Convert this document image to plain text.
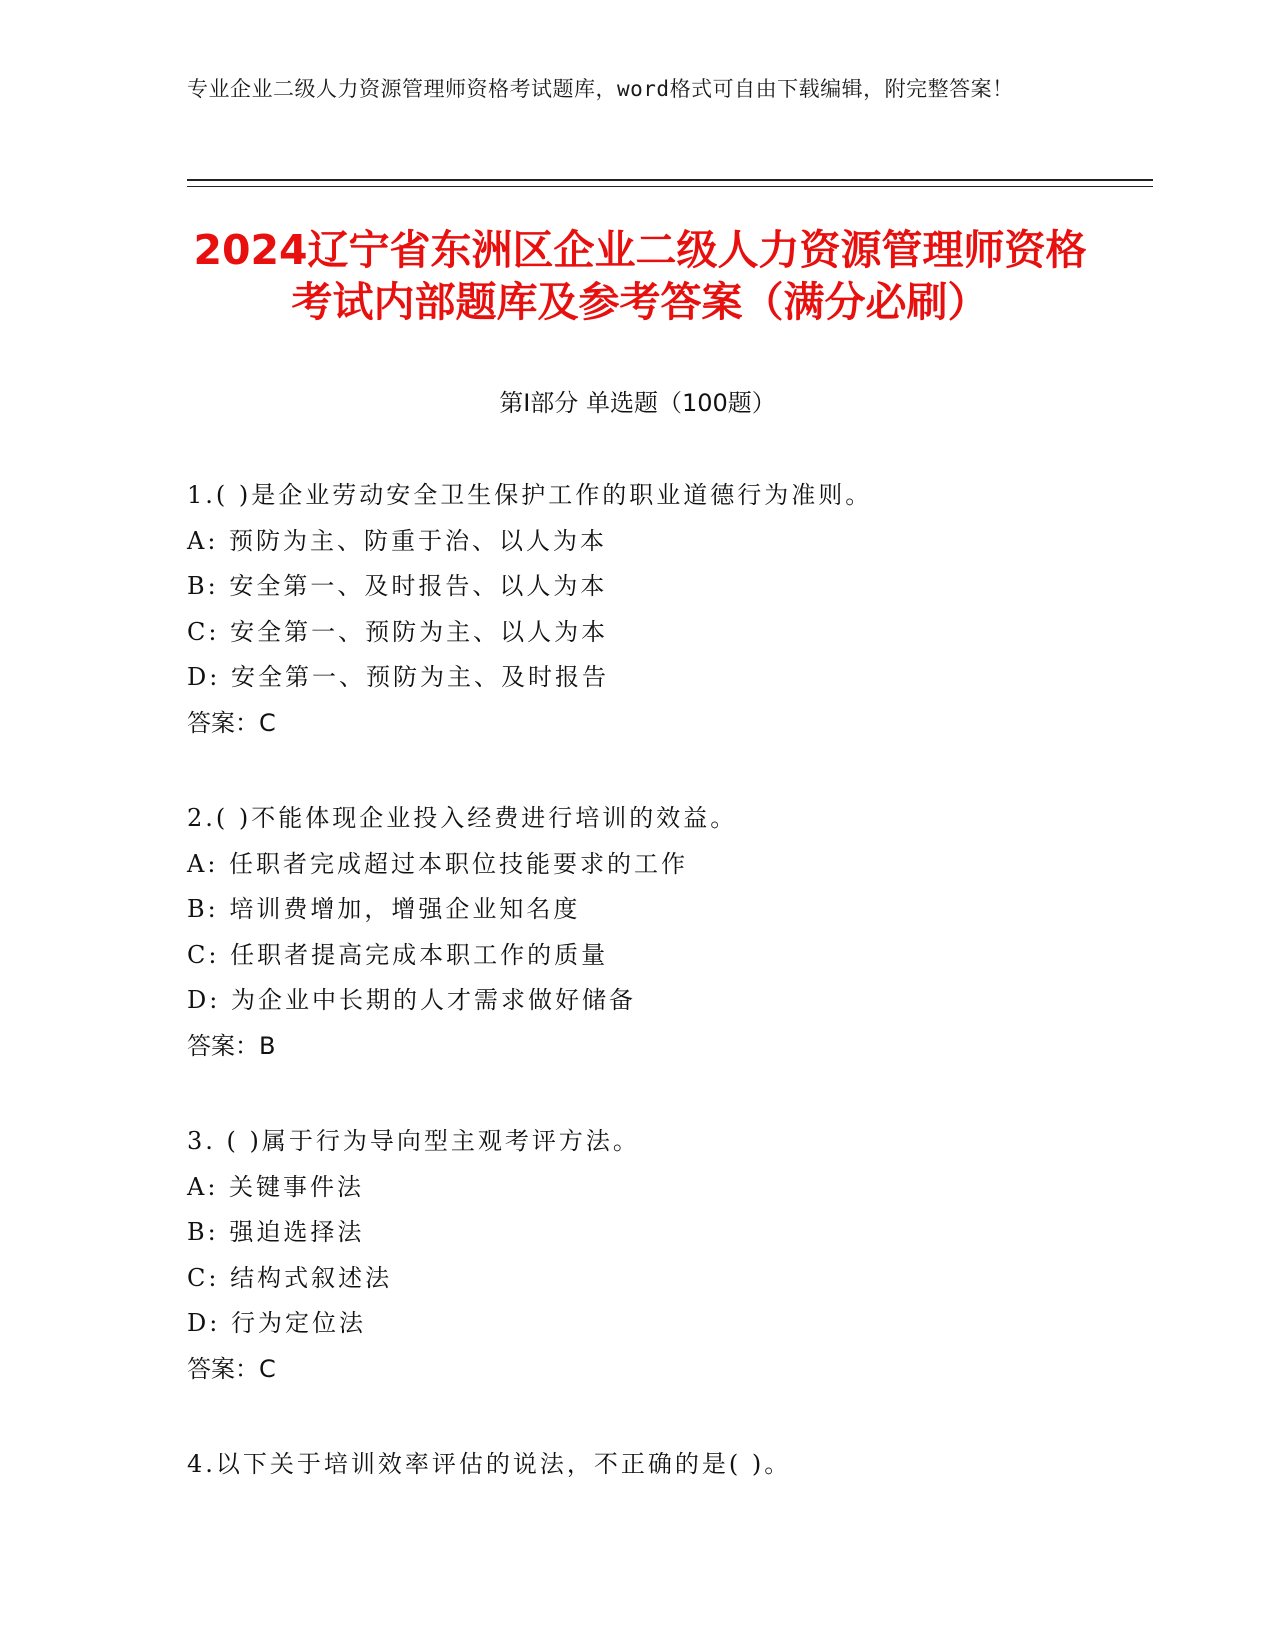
专业企业二级人力资源管理师资格考试题库，word格式可自由下载编辑，附完整答案！
2024辽宁省东洲区企业二级人力资源管理师资格考试内部题库及参考答案（满分必刷）
第Ⅰ部分 单选题（100题）
1.( )是企业劳动安全卫生保护工作的职业道德行为准则。
A: 预防为主、防重于治、以人为本
B: 安全第一、及时报告、以人为本
C: 安全第一、预防为主、以人为本
D: 安全第一、预防为主、及时报告
答案：C
2.( )不能体现企业投入经费进行培训的效益。
A: 任职者完成超过本职位技能要求的工作
B: 培训费增加，增强企业知名度
C: 任职者提高完成本职工作的质量
D: 为企业中长期的人才需求做好储备
答案：B
3. ( )属于行为导向型主观考评方法。
A: 关键事件法
B: 强迫选择法
C: 结构式叙述法
D: 行为定位法
答案：C
4.以下关于培训效率评估的说法，不正确的是( )。
